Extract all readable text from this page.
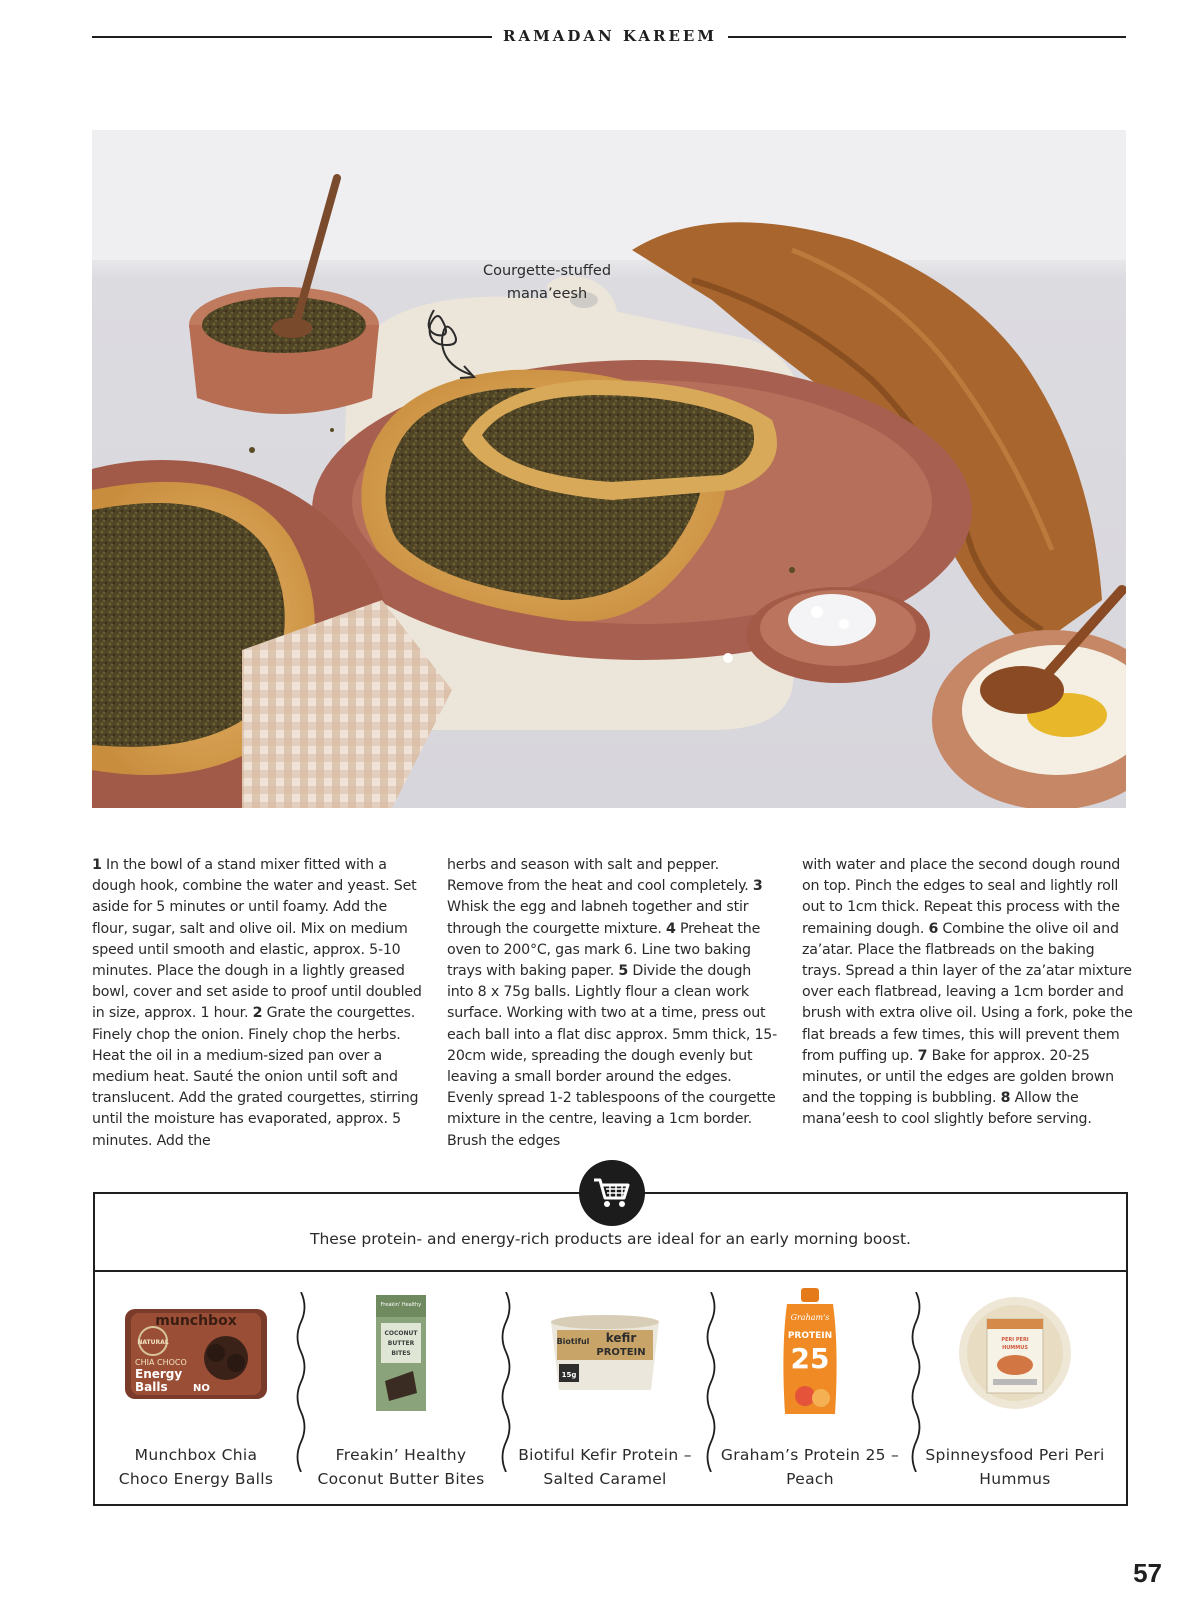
RAMADAN KAREEM
Courgette-stuffed mana’eesh
1 In the bowl of a stand mixer fitted with a dough hook, combine the water and yeast. Set aside for 5 minutes or until foamy. Add the flour, sugar, salt and olive oil. Mix on medium speed until smooth and elastic, approx. 5-10 minutes. Place the dough in a lightly greased bowl, cover and set aside to proof until doubled in size, approx. 1 hour. 2 Grate the courgettes. Finely chop the onion. Finely chop the herbs. Heat the oil in a medium-sized pan over a medium heat. Sauté the onion until soft and translucent. Add the grated courgettes, stirring until the moisture has evaporated, approx. 5 minutes. Add the
herbs and season with salt and pepper. Remove from the heat and cool completely. 3 Whisk the egg and labneh together and stir through the courgette mixture. 4 Preheat the oven to 200°C, gas mark 6. Line two baking trays with baking paper. 5 Divide the dough into 8 x 75g balls. Lightly flour a clean work surface. Working with two at a time, press out each ball into a flat disc approx. 5mm thick, 15-20cm wide, spreading the dough evenly but leaving a small border around the edges. Evenly spread 1-2 tablespoons of the courgette mixture in the centre, leaving a 1cm border. Brush the edges
with water and place the second dough round on top. Pinch the edges to seal and lightly roll out to 1cm thick. Repeat this process with the remaining dough. 6 Combine the olive oil and za’atar. Place the flatbreads on the baking trays. Spread a thin layer of the za’atar mixture over each flatbread, leaving a 1cm border and brush with extra olive oil. Using a fork, poke the flat breads a few times, this will prevent them from puffing up. 7 Bake for approx. 20-25 minutes, or until the edges are golden brown and the topping is bubbling. 8 Allow the mana’eesh to cool slightly before serving.
These protein- and energy-rich products are ideal for an early morning boost.
munchbox
NATURAL
CHIA CHOCO
Energy
Balls	NO
Munchbox Chia
Choco Energy Balls
Freakin' Healthy
COCONUT
BUTTER
BITES
Freakin’ Healthy
Coconut Butter Bites
Biotiful kefir
PROTEIN
15g
Biotiful Kefir Protein –
Salted Caramel
Graham's
PROTEIN
25
Graham’s Protein 25 –
Peach
PERI PERI
HUMMUS
Spinneysfood Peri Peri
Hummus
57
